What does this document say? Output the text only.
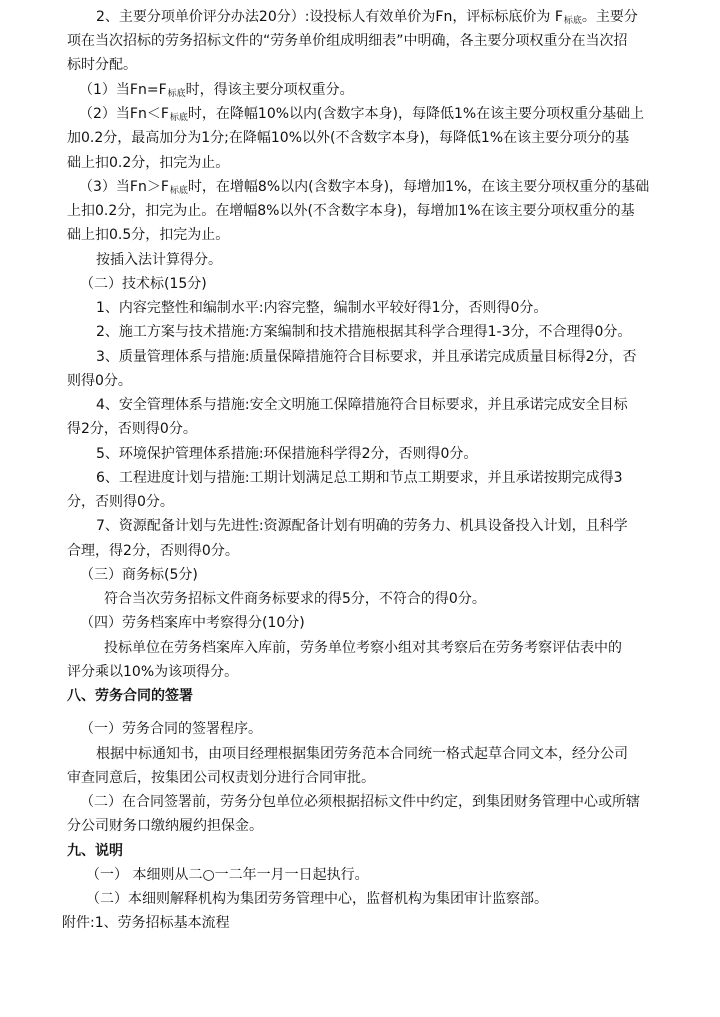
2、主要分项单价评分办法20分）:设投标人有效单价为Fn，评标标底价为 F标底。主要分
项在当次招标的劳务招标文件的“劳务单价组成明细表”中明确，各主要分项权重分在当次招
标时分配。
（1）当Fn=F标底时，得该主要分项权重分。
（2）当Fn＜F标底时，在降幅10%以内(含数字本身)，每降低1%在该主要分项权重分基础上
加0.2分，最高加分为1分;在降幅10%以外(不含数字本身)，每降低1%在该主要分项分的基
础上扣0.2分，扣完为止。
（3）当Fn＞F标底时，在增幅8%以内(含数字本身)，每增加1%，在该主要分项权重分的基础
上扣0.2分，扣完为止。在增幅8%以外(不含数字本身)，每增加1%在该主要分项权重分的基
础上扣0.5分，扣完为止。
按插入法计算得分。
（二）技术标(15分)
1、内容完整性和编制水平:内容完整，编制水平较好得1分，否则得0分。
2、施工方案与技术措施:方案编制和技术措施根据其科学合理得1-3分，不合理得0分。
3、质量管理体系与措施:质量保障措施符合目标要求，并且承诺完成质量目标得2分，否
则得0分。
4、安全管理体系与措施:安全文明施工保障措施符合目标要求，并且承诺完成安全目标
得2分，否则得0分。
5、环境保护管理体系措施:环保措施科学得2分，否则得0分。
6、工程进度计划与措施:工期计划满足总工期和节点工期要求，并且承诺按期完成得3
分，否则得0分。
7、资源配备计划与先进性:资源配备计划有明确的劳务力、机具设备投入计划，且科学
合理，得2分，否则得0分。
（三）商务标(5分)
符合当次劳务招标文件商务标要求的得5分，不符合的得0分。
（四）劳务档案库中考察得分(10分)
投标单位在劳务档案库入库前，劳务单位考察小组对其考察后在劳务考察评估表中的
评分乘以10%为该项得分。
八、劳务合同的签署
（一）劳务合同的签署程序。
根据中标通知书，由项目经理根据集团劳务范本合同统一格式起草合同文本，经分公司
审查同意后，按集团公司权责划分进行合同审批。
（二）在合同签署前，劳务分包单位必须根据招标文件中约定，到集团财务管理中心或所辖
分公司财务口缴纳履约担保金。
九、说明
（一） 本细则从二○一二年一月一日起执行。
（二）本细则解释机构为集团劳务管理中心，监督机构为集团审计监察部。
附件:1、劳务招标基本流程
